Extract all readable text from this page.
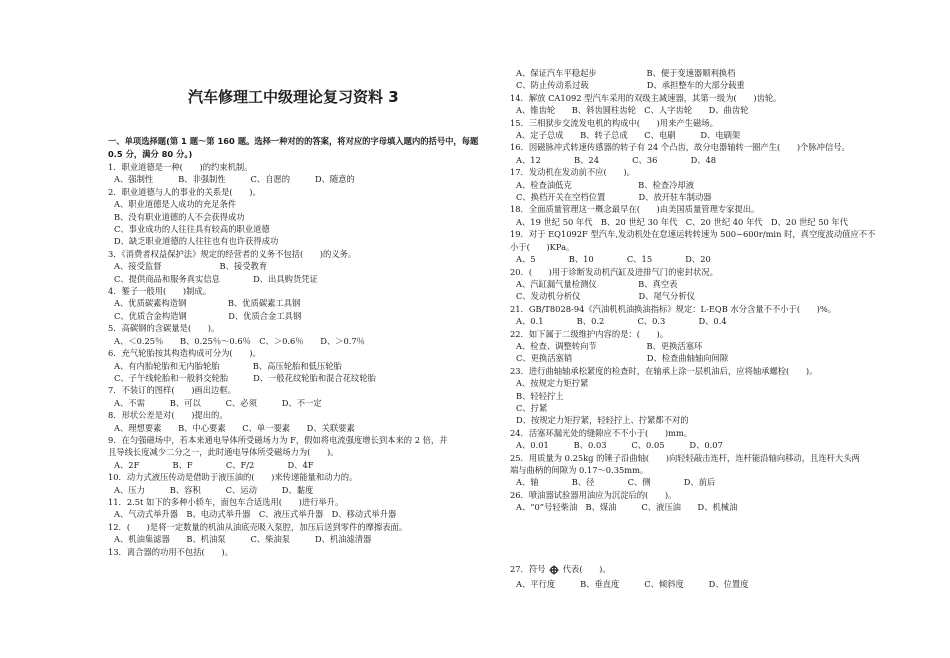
汽车修理工中级理论复习资料 3
一、单项选择题(第 1 题～第 160 题。选择一种对的的答案，将对应的字母填入题内的括号中，每题 0.5 分，满分 80 分。)
1．职业道德是一种(　　)的约束机制。
A、强制性　　　B、非强制性　　　C、自愿的　　　D、随意的
2．职业道德与人的事业的关系是(　　)。
A、职业道德是人成功的充足条件
B、没有职业道德的人不会获得成功
C、事业成功的人往往具有较高的职业道德
D、缺乏职业道德的人往往也有也许获得成功
3．《消费者权益保护法》规定的经营者的义务不包括(　　)的义务。
A、接受监督　　　　　　　B、接受教育
C、提供商品和服务真实信息　　　　D、出具购货凭证
4．錾子一般用(　　)制成。
A、优质碳素构造钢　　　　　B、优质碳素工具钢
C、优质合金构造钢　　　　　D、优质合金工具钢
5．高碳钢的含碳量是(　　)。
A、＜0.25％　　B、0.25％～0.6％　C、＞0.6％　　D、＞0.7％
6．充气轮胎按其构造构成可分为(　　)。
A、有内胎轮胎和无内胎轮胎　　　　B、高压轮胎和低压轮胎
C、子午线轮胎和一般斜交轮胎　　　D、一般花纹轮胎和混合花纹轮胎
7．不装订的图样(　　)画出边框。
A、不需　　　B、可以　　　C、必须　　　D、不一定
8．形状公差是对(　　)提出的。
A、理想要素　　B、中心要素　　C、单一要素　　D、关联要素
9．在匀强磁场中，若本来通电导体所受磁场力为 F，假如将电流强度增长到本来的 2 倍，并
且导线长度减少二分之一，此时通电导体所受磁场力为(　　)。
A、2F　　　　B、F　　　　C、F/2　　　　D、4F
10．动力式液压传动是借助于液压油的(　　)来传递能量和动力的。
A、压力　　　B、容积　　　C、运动　　　D、黏度
11．2.5t 如下的多种小轿车，面包车合适选用(　　)进行举升。
A、气动式举升器　B、电动式举升器　C、液压式举升器　D、移动式举升器
12．(　　)是将一定数量的机油从油底壳吸入泵腔，加压后送到零件的摩擦表面。
A、机油集滤器　　B、机油泵　　　C、柴油泵　　　D、机油滤清器
13．离合器的功用不包括(　　)。
A、保证汽车平稳起步　　　　　　B、便于变速器顺利换档
C、防止传动系过载　　　　　　　D、承担整车的大部分载重
14．解放 CA1092 型汽车采用的双级主减速器，其第一级为(　　)齿轮。
A、锥齿轮　　B、斜齿圆柱齿轮　C、人字齿轮　　D、曲齿轮
15．三相狱步交流发电机的构成中(　　)用来产生磁场。
A、定子总成　　B、转子总成　　C、电刷　　　D、电刷架
16．因磁脉冲式转速传感器的转子有 24 个凸齿，故分电器轴转一圈产生(　　)个脉冲信号。
A、12　　　　B、24　　　　C、36　　　　D、48
17．发动机在发动前不应(　　)。
A、检查油低克　　　　　　　　B、检查冷却液
C、换档开关在空档位置　　　　D、放开驻车制动器
18．全面质量管理这一概念最早在(　　)由美国质量管理专家提出。
A、19 世纪 50 年代　B、20 世纪 30 年代　C、20 世纪 40 年代　D、20 世纪 50 年代
19．对于 EQ1092F 型汽车,发动机处在怠速运转转速为 500~600r/min 时，真空度波动值应不不
小于(　　)KPa。
A、5　　　　B、10　　　　C、15　　　　D、20
20．(　　)用于诊断发动机汽缸及进排气门的密封状况。
A、汽缸漏气量检测仪　　　　　B、真空表
C、发动机分析仪　　　　　　　D、尾气分析仪
21．GB/T8028-94《汽油机机油换油指标》规定：L-EQB 水分含量不不小于(　　)%。
A、0.1　　　　B、0.2　　　　C、0.3　　　　D、0.4
22．如下属于二级维护内容的是：(　　)。
A、检查、调整转向节　　　　　　B、更换活塞环
C、更换活塞销　　　　　　　　　D、检查曲轴轴向间隙
23．进行曲轴轴承松紧度的检查时，在轴承上涂一层机油后，应将轴承螺栓(　　)。
A、按规定力矩拧紧
B、轻轻拧上
C、拧紧
D、按规定力矩拧紧，轻轻拧上、拧紧都不对的
24．活塞环漏光处的缝隙应不不小于(　　)mm。
A、0.01　　　B、0.03　　　C、0.05　　　D、0.07
25．用质量为 0.25kg 的锤子沿曲轴(　　)向轻轻敲击连杆，连杆能沿轴向移动，且连杆大头两
端与曲柄的间隙为 0.17～0.35mm。
A、轴　　　　B、径　　　　C、侧　　　　D、前后
26．喷油器试验器用油应为沉淀后的(　　)。
A、“0”号轻柴油　B、煤油　　　C、液压油　　D、机械油
27．符号 代表(　　)。
A、平行度　　　B、垂直度　　　C、倾斜度　　　D、位置度
